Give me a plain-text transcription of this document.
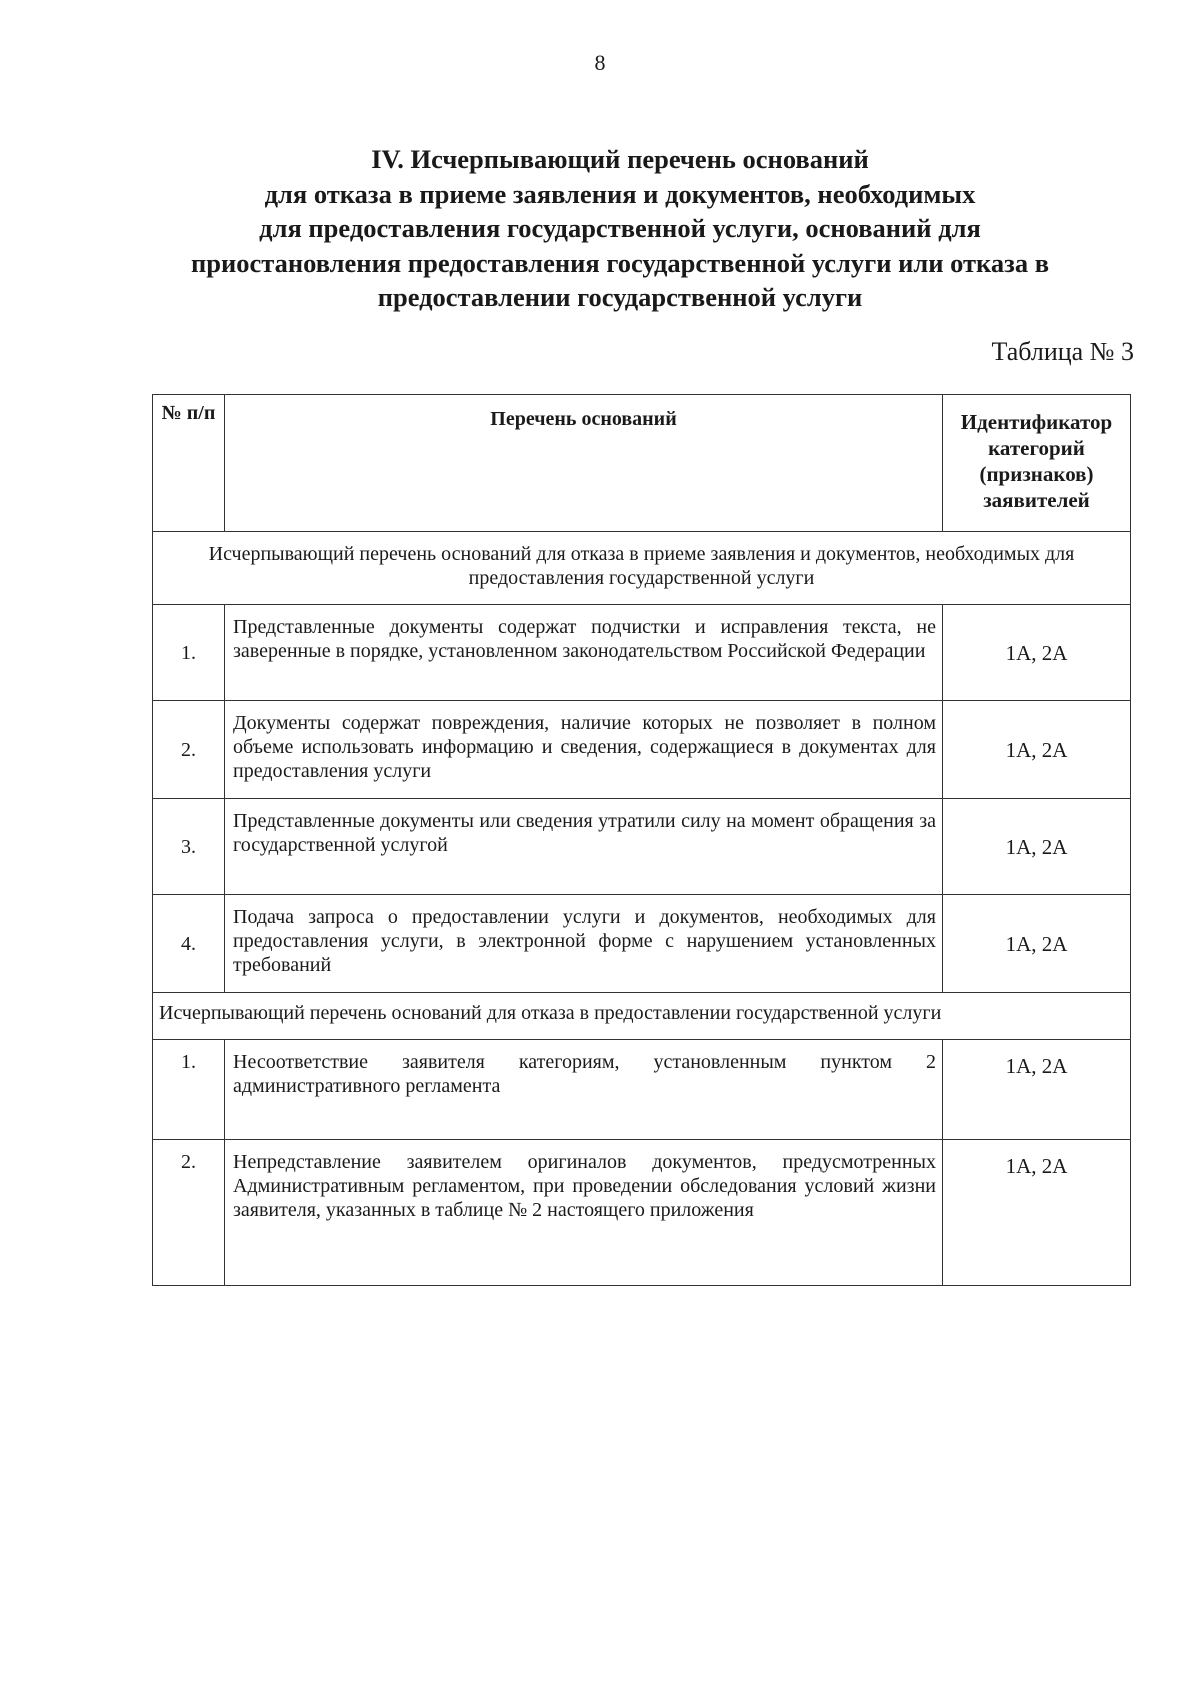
8
IV. Исчерпывающий перечень оснований
для отказа в приеме заявления и документов, необходимых
для предоставления государственной услуги, оснований для
приостановления предоставления государственной услуги или отказа в
предоставлении государственной услуги
Таблица № 3
№ п/п	Перечень оснований	Идентификатор категорий (признаков) заявителей
Исчерпывающий перечень оснований для отказа в приеме заявления и документов, необходимых для предоставления государственной услуги		
1.	Представленные документы содержат подчистки и исправления текста, не заверенные в порядке, установленном законодательством Российской Федерации	1А, 2А
2.	Документы содержат повреждения, наличие которых не позволяет в полном объеме использовать информацию и сведения, содержащиеся в документах для предоставления услуги	1А, 2А
3.	Представленные документы или сведения утратили силу на момент обращения за государственной услугой	1А, 2А
4.	Подача запроса о предоставлении услуги и документов, необходимых для предоставления услуги, в электронной форме с нарушением установленных требований	1А, 2А
Исчерпывающий перечень оснований для отказа в предоставлении государственной услуги		
1.	Несоответствие заявителя категориям, установленным пунктом 2 административного регламента	1А, 2А
2.	Непредставление заявителем оригиналов документов, предусмотренных Административным регламентом, при проведении обследования условий жизни заявителя, указанных в таблице № 2 настоящего приложения	1А, 2А
